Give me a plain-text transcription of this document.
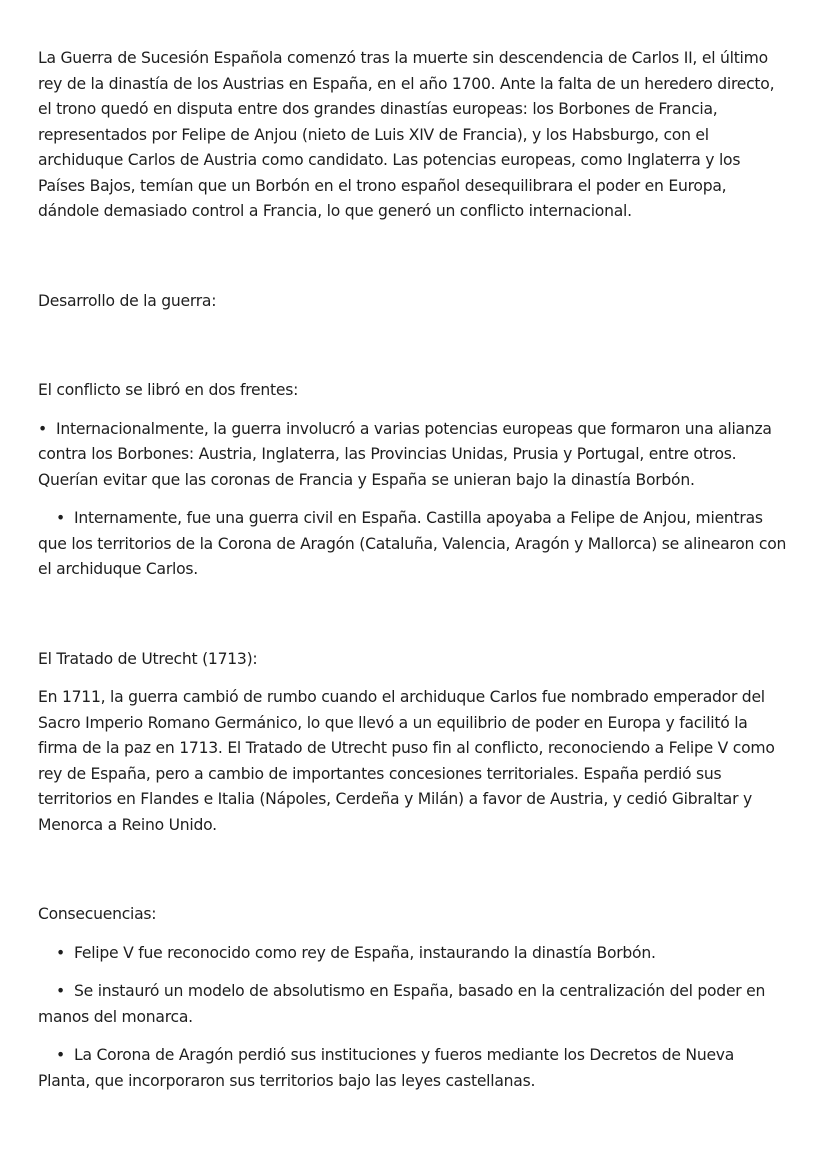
La Guerra de Sucesión Española comenzó tras la muerte sin descendencia de Carlos II, el último rey de la dinastía de los Austrias en España, en el año 1700. Ante la falta de un heredero directo, el trono quedó en disputa entre dos grandes dinastías europeas: los Borbones de Francia, representados por Felipe de Anjou (nieto de Luis XIV de Francia), y los Habsburgo, con el archiduque Carlos de Austria como candidato. Las potencias europeas, como Inglaterra y los Países Bajos, temían que un Borbón en el trono español desequilibrara el poder en Europa, dándole demasiado control a Francia, lo que generó un conflicto internacional.

Desarrollo de la guerra:

El conflicto se libró en dos frentes:

• Internacionalmente, la guerra involucró a varias potencias europeas que formaron una alianza contra los Borbones: Austria, Inglaterra, las Provincias Unidas, Prusia y Portugal, entre otros. Querían evitar que las coronas de Francia y España se unieran bajo la dinastía Borbón.

• Internamente, fue una guerra civil en España. Castilla apoyaba a Felipe de Anjou, mientras que los territorios de la Corona de Aragón (Cataluña, Valencia, Aragón y Mallorca) se alinearon con el archiduque Carlos.

El Tratado de Utrecht (1713):

En 1711, la guerra cambió de rumbo cuando el archiduque Carlos fue nombrado emperador del Sacro Imperio Romano Germánico, lo que llevó a un equilibrio de poder en Europa y facilitó la firma de la paz en 1713. El Tratado de Utrecht puso fin al conflicto, reconociendo a Felipe V como rey de España, pero a cambio de importantes concesiones territoriales. España perdió sus territorios en Flandes e Italia (Nápoles, Cerdeña y Milán) a favor de Austria, y cedió Gibraltar y Menorca a Reino Unido.

Consecuencias:

• Felipe V fue reconocido como rey de España, instaurando la dinastía Borbón.

• Se instauró un modelo de absolutismo en España, basado en la centralización del poder en manos del monarca.

• La Corona de Aragón perdió sus instituciones y fueros mediante los Decretos de Nueva Planta, que incorporaron sus territorios bajo las leyes castellanas.
